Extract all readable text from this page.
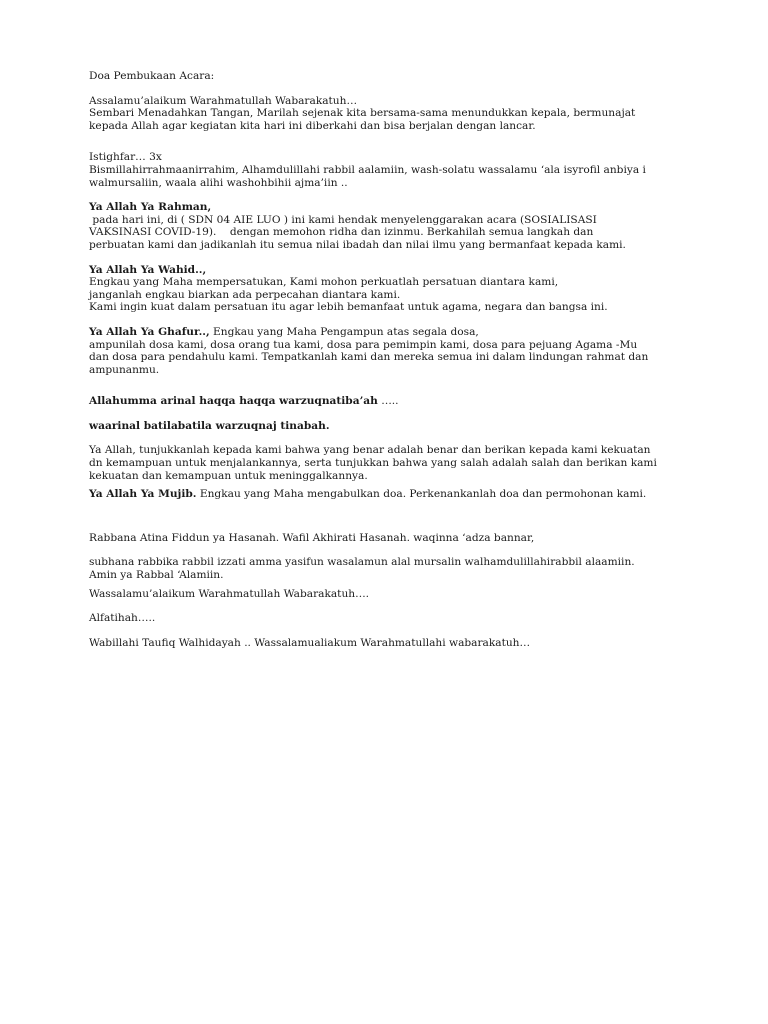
Doa Pembukaan Acara:

Assalamu’alaikum Warahmatullah Wabarakatuh…

Sembari Menadahkan Tangan, Marilah sejenak kita bersama-sama menundukkan kepala, bermunajat

kepada Allah agar kegiatan kita hari ini diberkahi dan bisa berjalan dengan lancar.

Istighfar… 3x

Bismillahirrahmaanirrahim, Alhamdulillahi rabbil aalamiin, wash-solatu wassalamu ‘ala isyrofil anbiya i

walmursaliin, waala alihi washohbihii ajma’iin ..

Ya Allah Ya Rahman,

pada hari ini, di ( SDN 04 AIE LUO ) ini kami hendak menyelenggarakan acara (SOSIALISASI

VAKSINASI COVID-19).    dengan memohon ridha dan izinmu. Berkahilah semua langkah dan

perbuatan kami dan jadikanlah itu semua nilai ibadah dan nilai ilmu yang bermanfaat kepada kami.

Ya Allah Ya Wahid..,

Engkau yang Maha mempersatukan, Kami mohon perkuatlah persatuan diantara kami,

janganlah engkau biarkan ada perpecahan diantara kami.

Kami ingin kuat dalam persatuan itu agar lebih bemanfaat untuk agama, negara dan bangsa ini.

Ya Allah Ya Ghafur.., Engkau yang Maha Pengampun atas segala dosa,

ampunilah dosa kami, dosa orang tua kami, dosa para pemimpin kami, dosa para pejuang Agama -Mu

dan dosa para pendahulu kami. Tempatkanlah kami dan mereka semua ini dalam lindungan rahmat dan

ampunanmu.

Allahumma arinal haqqa haqqa warzuqnatiba’ah …..

waarinal batilabatila warzuqnaj tinabah.

Ya Allah, tunjukkanlah kepada kami bahwa yang benar adalah benar dan berikan kepada kami kekuatan

dn kemampuan untuk menjalankannya, serta tunjukkan bahwa yang salah adalah salah dan berikan kami

kekuatan dan kemampuan untuk meninggalkannya.

Ya Allah Ya Mujib. Engkau yang Maha mengabulkan doa. Perkenankanlah doa dan permohonan kami.

Rabbana Atina Fiddun ya Hasanah. Wafil Akhirati Hasanah. waqinna ‘adza bannar,

subhana rabbika rabbil izzati amma yasifun wasalamun alal mursalin walhamdulillahirabbil alaamiin.

Amin ya Rabbal ‘Alamiin.

Wassalamu’alaikum Warahmatullah Wabarakatuh….

Alfatihah…..

Wabillahi Taufiq Walhidayah .. Wassalamualiakum Warahmatullahi wabarakatuh…
